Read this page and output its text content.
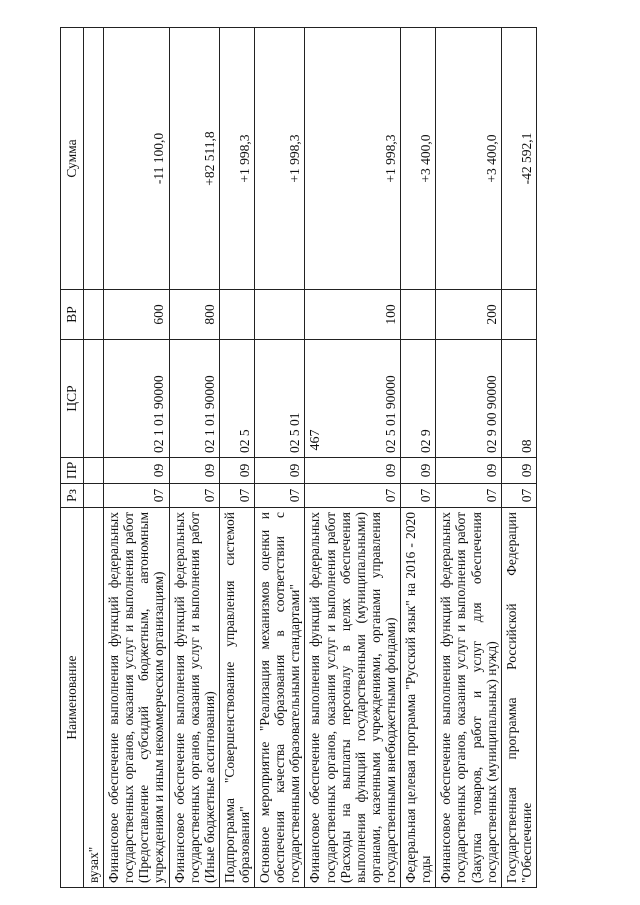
467
Наименование	Рз	ПР	ЦСР	ВР	Сумма
вузах"					
Финансовое обеспечение выполнения функций федеральных государственных органов, оказания услуг и выполнения работ (Предоставление субсидий бюджетным, автономным учреждениям и иным некоммерческим организациям)	07	09	02 1 01 90000	600	-11 100,0
Финансовое обеспечение выполнения функций федеральных государственных органов, оказания услуг и выполнения работ (Иные бюджетные ассигнования)	07	09	02 1 01 90000	800	+82 511,8
Подпрограмма "Совершенствование управления системой образования"	07	09	02 5		+1 998,3
Основное мероприятие "Реализация механизмов оценки и обеспечения качества образования в соответствии с государственными образовательными стандартами"	07	09	02 5 01		+1 998,3
Финансовое обеспечение выполнения функций федеральных государственных органов, оказания услуг и выполнения работ (Расходы на выплаты персоналу в целях обеспечения выполнения функций государственными (муниципальными) органами, казенными учреждениями, органами управления государственными внебюджетными фондами)	07	09	02 5 01 90000	100	+1 998,3
Федеральная целевая программа "Русский язык" на 2016 - 2020 годы	07	09	02 9		+3 400,0
Финансовое обеспечение выполнения функций федеральных государственных органов, оказания услуг и выполнения работ (Закупка товаров, работ и услуг для обеспечения государственных (муниципальных) нужд)	07	09	02 9 00 90000	200	+3 400,0
Государственная программа Российской Федерации "Обеспечение	07	09	08		-42 592,1
